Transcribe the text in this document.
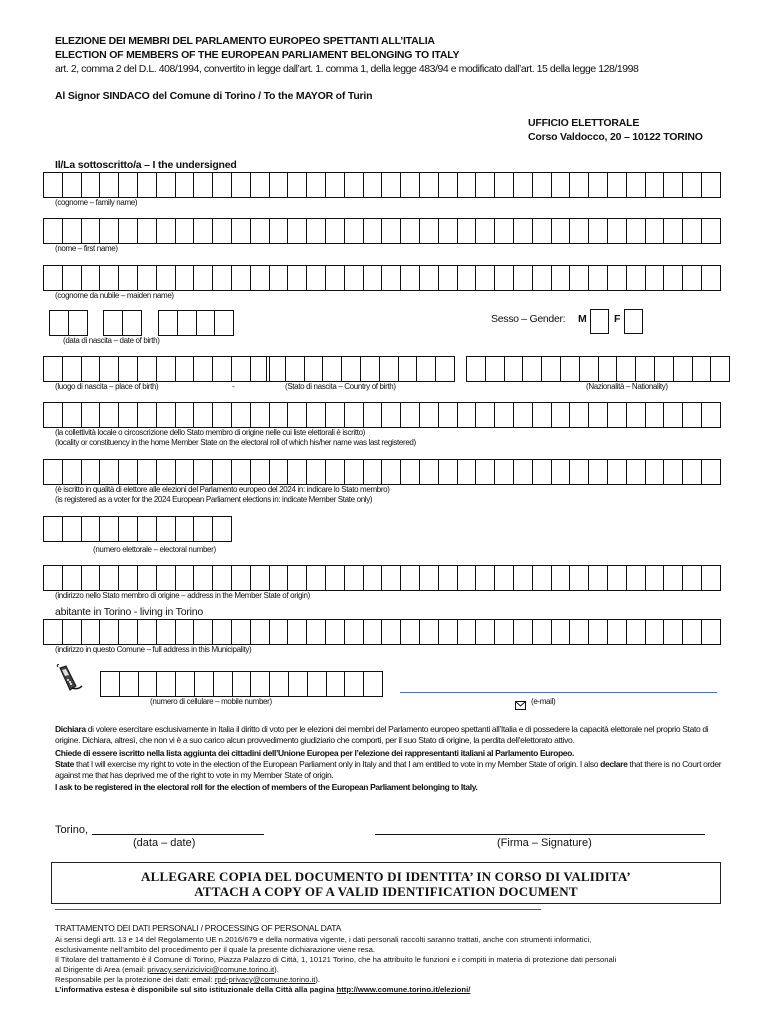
ELEZIONE DEI MEMBRI DEL PARLAMENTO EUROPEO SPETTANTI ALL’ITALIA
ELECTION OF MEMBERS OF THE EUROPEAN PARLIAMENT BELONGING TO ITALY
art. 2, comma 2 del D.L. 408/1994, convertito in legge dall’art. 1. comma 1, della legge 483/94 e modificato dall’art. 15 della legge 128/1998
Al Signor SINDACO del Comune di Torino / To the MAYOR of Turin
UFFICIO ELETTORALE
Corso Valdocco, 20 – 10122 TORINO
Il/La sottoscritto/a – I the undersigned
(cognome – family name)
(nome – first name)
(cognome da nubile – maiden name)
(data di nascita – date of birth)
Sesso – Gender: M	F
(luogo di nascita – place of birth)	-	(Stato di nascita – Country of birth)	(Nazionalità – Nationality)
(la collettività locale o circoscrizione dello Stato membro di origine nelle cui liste elettorali è iscritto)
(locality or constituency in the home Member State on the electoral roll of which his/her name was last registered)
(è iscritto in qualità di elettore alle elezioni del Parlamento europeo del 2024 in: indicare lo Stato membro)
(is registered as a voter for the 2024 European Parliament elections in: indicate Member State only)
(numero elettorale – electoral number)
(indirizzo nello Stato membro di origine – address in the Member State of origin)
abitante in Torino - living in Torino
(indirizzo in questo Comune – full address in this Municipality)
(numero di cellulare – mobile number)	(e-mail)
Dichiara di volere esercitare esclusivamente in Italia il diritto di voto per le elezioni dei membri del Parlamento europeo spettanti all’Italia e di possedere la capacità elettorale nel proprio Stato di origine. Dichiara, altresì, che non vi è a suo carico alcun provvedimento giudiziario che comporti, per il suo Stato di origine, la perdita dell’elettorato attivo.
Chiede di essere iscritto nella lista aggiunta dei cittadini dell’Unione Europea per l’elezione dei rappresentanti italiani al Parlamento Europeo.
State that I will exercise my right to vote in the election of the European Parliament only in Italy and that I am entitled to vote in my Member State of origin. I also declare that there is no Court order against me that has deprived me of the right to vote in my Member State of origin.
I ask to be registered in the electoral roll for the election of members of the European Parliament belonging to Italy.
Torino,
(data – date)	(Firma – Signature)
ALLEGARE COPIA DEL DOCUMENTO DI IDENTITA’ IN CORSO DI VALIDITA’
ATTACH A COPY OF A VALID IDENTIFICATION DOCUMENT
TRATTAMENTO DEI DATI PERSONALI / PROCESSING OF PERSONAL DATA
Ai sensi degli artt. 13 e 14 del Regolamento UE n.2016/679 e della normativa vigente, i dati personali raccolti saranno trattati, anche con strumenti informatici,
esclusivamente nell’ambito del procedimento per il quale la presente dichiarazione viene resa.
Il Titolare del trattamento è il Comune di Torino, Piazza Palazzo di Città, 1, 10121 Torino, che ha attribuito le funzioni e i compiti in materia di protezione dati personali
al Dirigente di Area (email: privacy.servizicivici@comune.torino.it).
Responsabile per la protezione dei dati: email: rpd-privacy@comune.torino.it).
L’informativa estesa è disponibile sul sito istituzionale della Città alla pagina http://www.comune.torino.it/elezioni/
